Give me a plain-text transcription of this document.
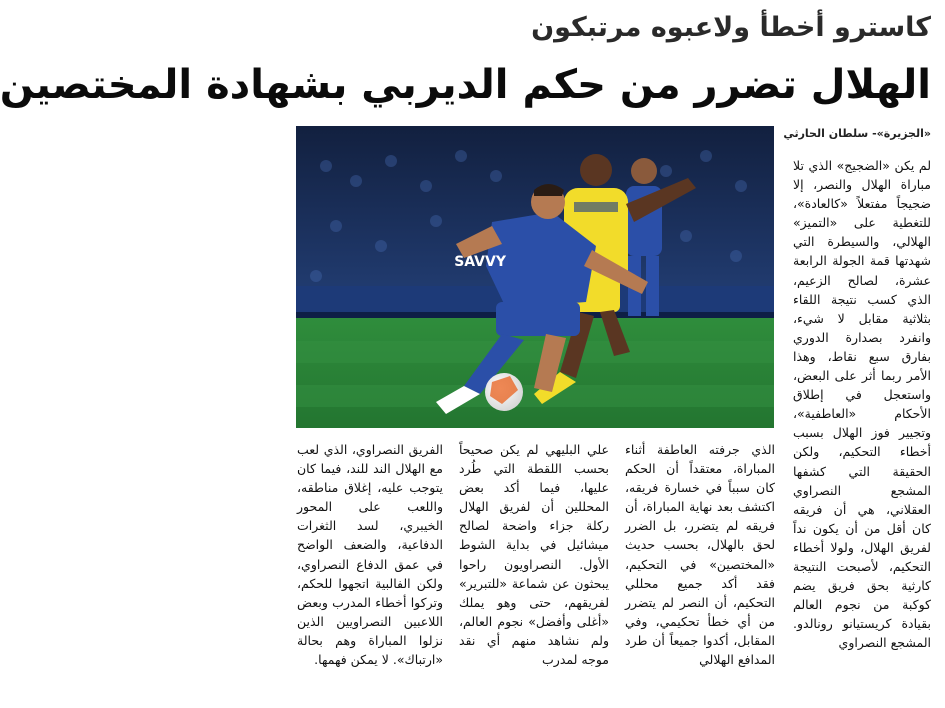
كاسترو أخطأ ولاعبوه مرتبكون
الهلال تضرر من حكم الديربي بشهادة المختصين
«الجزيرة»- سلطان الحارثي

لم يكن «الضجيج» الذي تلا مباراة الهلال والنصر، إلا ضجيجاً مفتعلاً «كالعادة»، للتغطية على «التميز» الهلالي، والسيطرة التي شهدتها قمة الجولة الرابعة عشرة، لصالح الزعيم، الذي كسب نتيجة اللقاء بثلاثية مقابل لا شيء، وانفرد بصدارة الدوري بفارق سبع نقاط، وهذا الأمر ربما أثر على البعض، واستعجل في إطلاق الأحكام «العاطفية»، وتجيير فوز الهلال بسبب أخطاء التحكيم، ولكن الحقيقة التي كشفها المشجع النصراوي العقلاني، هي أن فريقه كان أقل من أن يكون نداً لفريق الهلال، ولولا أخطاء التحكيم، لأصبحت النتيجة كارثية بحق فريق يضم كوكبة من نجوم العالم بقيادة كريستيانو رونالدو. المشجع النصراوي

الذي جرفته العاطفة أثناء المباراة، معتقداً أن الحكم كان سبباً في خسارة فريقه، اكتشف بعد نهاية المباراة، أن فريقه لم يتضرر، بل الضرر لحق بالهلال، بحسب حديث «المختصين» في التحكيم، فقد أكد جميع محللي التحكيم، أن النصر لم يتضرر من أي خطأ تحكيمي، وفي المقابل، أكدوا جميعاً أن طرد المدافع الهلالي

علي البليهي لم يكن صحيحاً بحسب اللقطة التي طُرد عليها، فيما أكد بعض المحللين أن لفريق الهلال ركلة جزاء واضحة لصالح ميشائيل في بداية الشوط الأول. النصراويون راحوا يبحثون عن شماعة «للتبرير» لفريقهم، حتى وهو يملك «أغلى وأفضل» نجوم العالم، ولم نشاهد منهم أي نقد موجه لمدرب

الفريق النصراوي، الذي لعب مع الهلال الند للند، فيما كان يتوجب عليه، إغلاق مناطقه، واللعب على المحور الخيبري، لسد الثغرات الدفاعية، والضعف الواضح في عمق الدفاع النصراوي، ولكن الفالبية اتجهوا للحكم، وتركوا أخطاء المدرب وبعض اللاعبين النصراويين الذين نزلوا المباراة وهم بحالة «ارتباك». لا يمكن فهمها.

SAVVY
